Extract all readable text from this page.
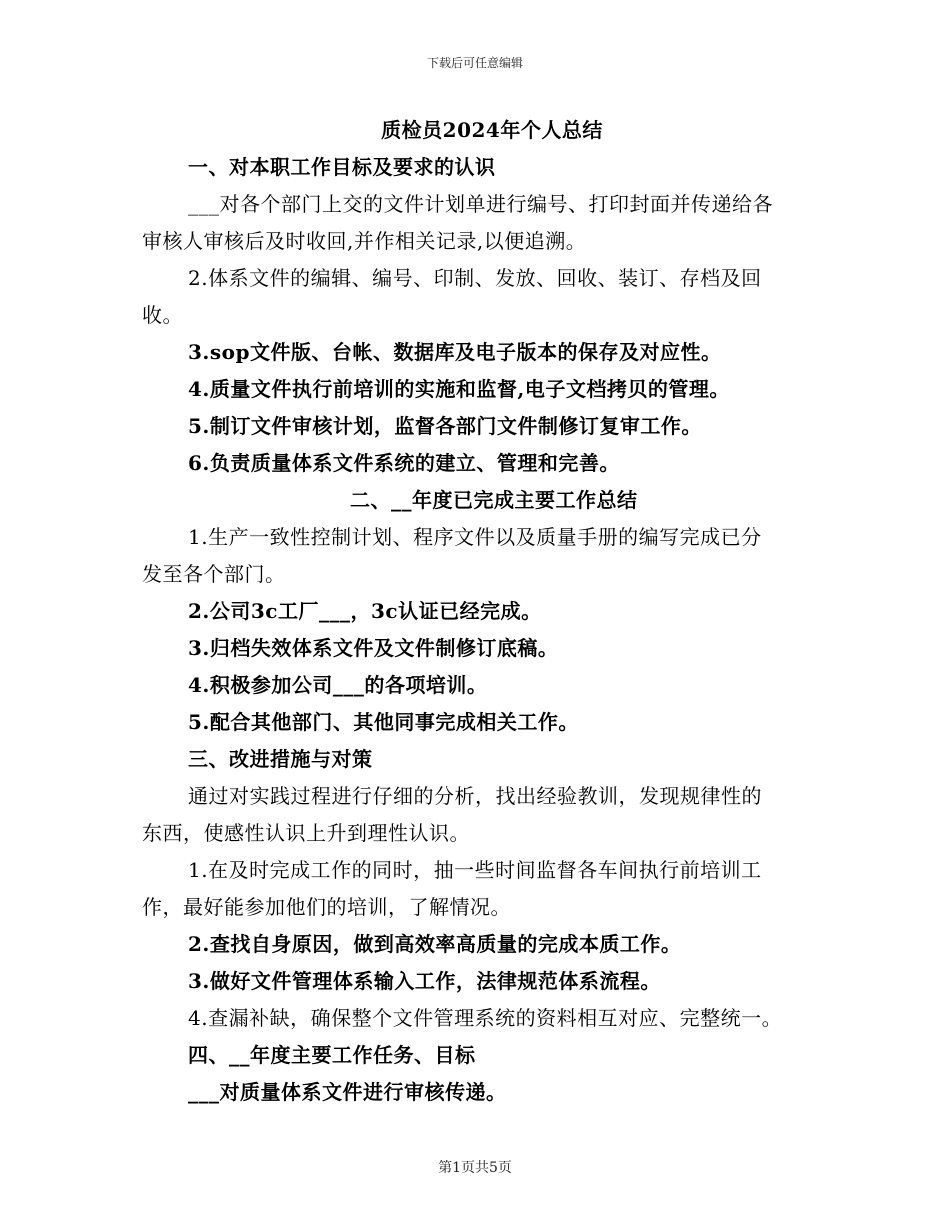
下载后可任意编辑
质检员2024年个人总结
一、对本职工作目标及要求的认识
___对各个部门上交的文件计划单进行编号、打印封面并传递给各
审核人审核后及时收回,并作相关记录,以便追溯。
2.体系文件的编辑、编号、印制、发放、回收、装订、存档及回
收。
3.sop文件版、台帐、数据库及电子版本的保存及对应性。
4.质量文件执行前培训的实施和监督,电子文档拷贝的管理。
5.制订文件审核计划，监督各部门文件制修订复审工作。
6.负责质量体系文件系统的建立、管理和完善。
二、__年度已完成主要工作总结
1.生产一致性控制计划、程序文件以及质量手册的编写完成已分
发至各个部门。
2.公司3c工厂___，3c认证已经完成。
3.归档失效体系文件及文件制修订底稿。
4.积极参加公司___的各项培训。
5.配合其他部门、其他同事完成相关工作。
三、改进措施与对策
通过对实践过程进行仔细的分析，找出经验教训，发现规律性的
东西，使感性认识上升到理性认识。
1.在及时完成工作的同时，抽一些时间监督各车间执行前培训工
作，最好能参加他们的培训，了解情况。
2.查找自身原因，做到高效率高质量的完成本质工作。
3.做好文件管理体系输入工作，法律规范体系流程。
4.查漏补缺，确保整个文件管理系统的资料相互对应、完整统一。
四、__年度主要工作任务、目标
___对质量体系文件进行审核传递。
第1页共5页
